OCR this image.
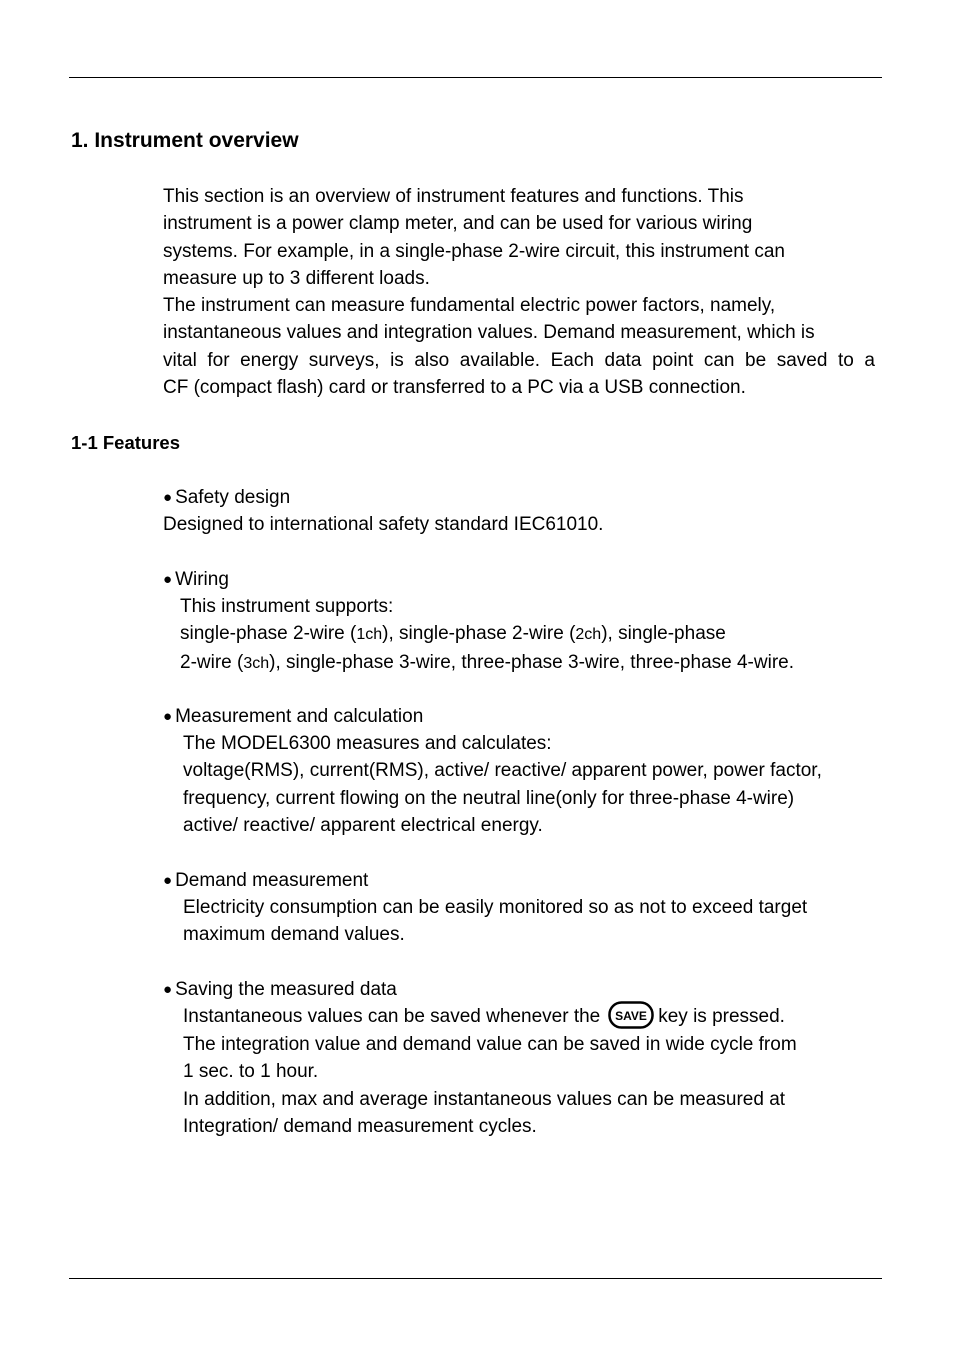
1. Instrument overview
This section is an overview of instrument features and functions. This
instrument is a power clamp meter, and can be used for various wiring
systems. For example, in a single-phase 2-wire circuit, this instrument can
measure up to 3 different loads.
The instrument can measure fundamental electric power factors, namely,
instantaneous values and integration values. Demand measurement, which is
vital for energy surveys, is also available. Each data point can be saved to a
CF (compact flash) card or transferred to a PC via a USB connection.
1-1 Features
● Safety design
Designed to international safety standard IEC61010.
● Wiring
This instrument supports:
single-phase 2-wire (1ch), single-phase 2-wire (2ch), single-phase
2-wire (3ch), single-phase 3-wire, three-phase 3-wire, three-phase 4-wire.
● Measurement and calculation
The MODEL6300 measures and calculates:
voltage(RMS), current(RMS), active/ reactive/ apparent power, power factor,
frequency, current flowing on the neutral line(only for three-phase 4-wire)
active/ reactive/ apparent electrical energy.
● Demand measurement
Electricity consumption can be easily monitored so as not to exceed target
maximum demand values.
● Saving the measured data
Instantaneous values can be saved whenever the SAVE key is pressed.
The integration value and demand value can be saved in wide cycle from
1 sec. to 1 hour.
In addition, max and average instantaneous values can be measured at
Integration/ demand measurement cycles.
